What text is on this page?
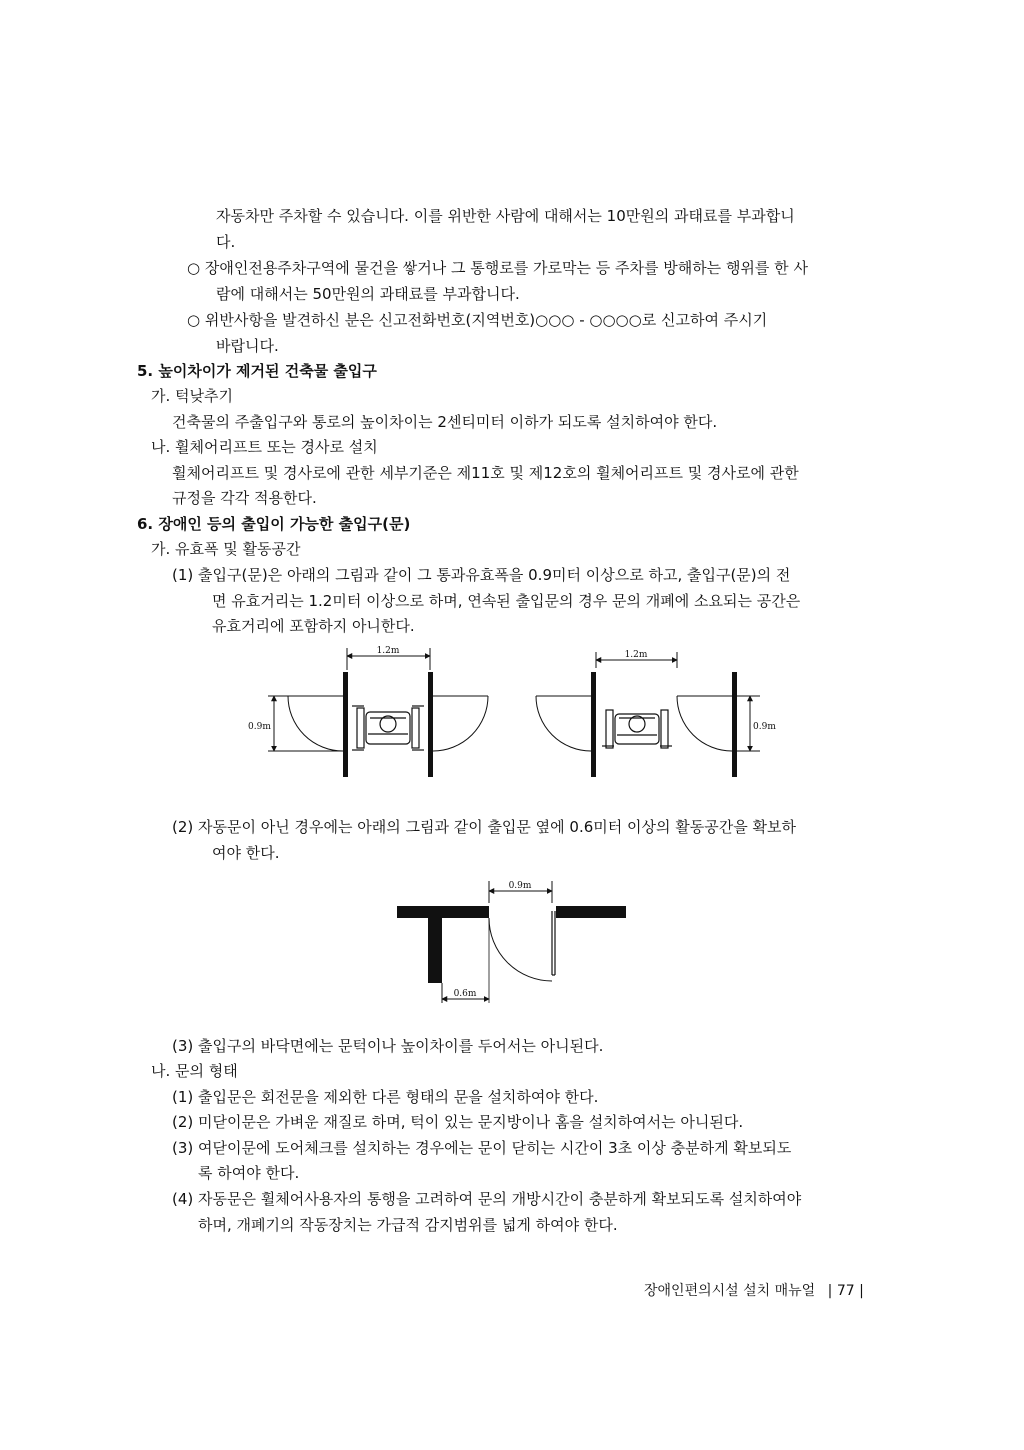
자동차만 주차할 수 있습니다. 이를 위반한 사람에 대해서는 10만원의 과태료를 부과합니
다.
○ 장애인전용주차구역에 물건을 쌓거나 그 통행로를 가로막는 등 주차를 방해하는 행위를 한 사
람에 대해서는 50만원의 과태료를 부과합니다.
○ 위반사항을 발견하신 분은 신고전화번호(지역번호)○○○ - ○○○○로 신고하여 주시기
바랍니다.
5. 높이차이가 제거된 건축물 출입구
가. 턱낮추기
건축물의 주출입구와 통로의 높이차이는 2센티미터 이하가 되도록 설치하여야 한다.
나. 휠체어리프트 또는 경사로 설치
휠체어리프트 및 경사로에 관한 세부기준은 제11호 및 제12호의 휠체어리프트 및 경사로에 관한
규정을 각각 적용한다.
6. 장애인 등의 출입이 가능한 출입구(문)
가. 유효폭 및 활동공간
(1) 출입구(문)은 아래의 그림과 같이 그 통과유효폭을 0.9미터 이상으로 하고, 출입구(문)의 전
면 유효거리는 1.2미터 이상으로 하며, 연속된 출입문의 경우 문의 개폐에 소요되는 공간은
유효거리에 포함하지 아니한다.
1.2m
0.9m
1.2m
0.9m
(2) 자동문이 아닌 경우에는 아래의 그림과 같이 출입문 옆에 0.6미터 이상의 활동공간을 확보하
여야 한다.
0.9m
0.6m
(3) 출입구의 바닥면에는 문턱이나 높이차이를 두어서는 아니된다.
나. 문의 형태
(1) 출입문은 회전문을 제외한 다른 형태의 문을 설치하여야 한다.
(2) 미닫이문은 가벼운 재질로 하며, 턱이 있는 문지방이나 홈을 설치하여서는 아니된다.
(3) 여닫이문에 도어체크를 설치하는 경우에는 문이 닫히는 시간이 3초 이상 충분하게 확보되도
록 하여야 한다.
(4) 자동문은 휠체어사용자의 통행을 고려하여 문의 개방시간이 충분하게 확보되도록 설치하여야
하며, 개폐기의 작동장치는 가급적 감지범위를 넓게 하여야 한다.
장애인편의시설 설치 매뉴얼 | 77 |
